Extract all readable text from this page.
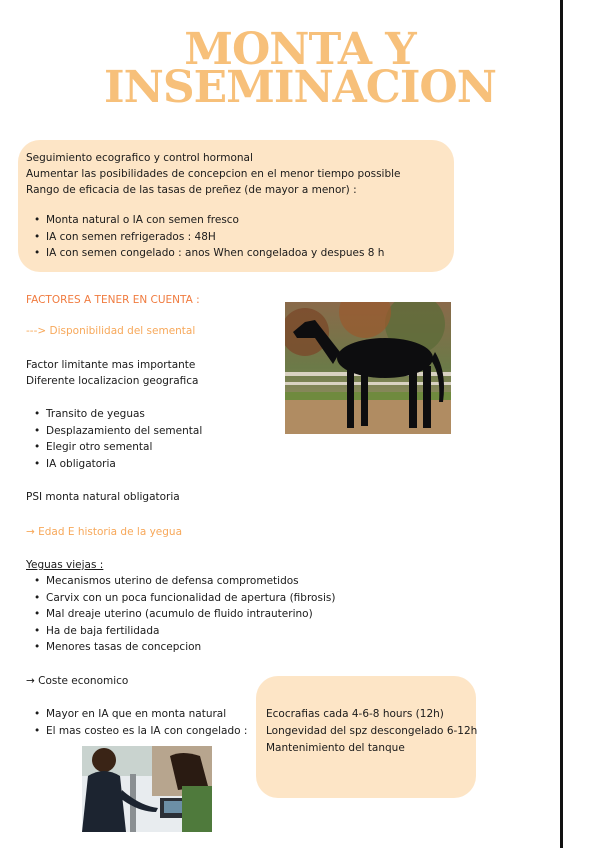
MONTA Y
INSEMINACION
Seguimiento ecografico y control hormonal
Aumentar las posibilidades de concepcion en el menor tiempo possible
Rango de eficacia de las tasas de preñez (de mayor a menor) :
• Monta natural o IA con semen fresco
• IA con semen refrigerados : 48H
• IA con semen congelado : anos When congeladoa y despues 8 h
FACTORES A TENER EN CUENTA :
---> Disponibilidad del semental
Factor limitante mas importante
Diferente localizacion geografica
• Transito de yeguas
• Desplazamiento del semental
• Elegir otro semental
• IA obligatoria
PSI monta natural obligatoria
→ Edad E historia de la yegua
Yeguas viejas :
• Mecanismos uterino de defensa comprometidos
• Carvix con un poca funcionalidad de apertura (fibrosis)
• Mal dreaje uterino (acumulo de fluido intrauterino)
• Ha de baja fertilidada
• Menores tasas de concepcion
→ Coste economico
Ecocrafias cada 4-6-8 hours (12h)
Longevidad del spz descongelado 6-12h
Mantenimiento del tanque
• Mayor en IA que en monta natural
• El mas costeo es la IA con congelado :
